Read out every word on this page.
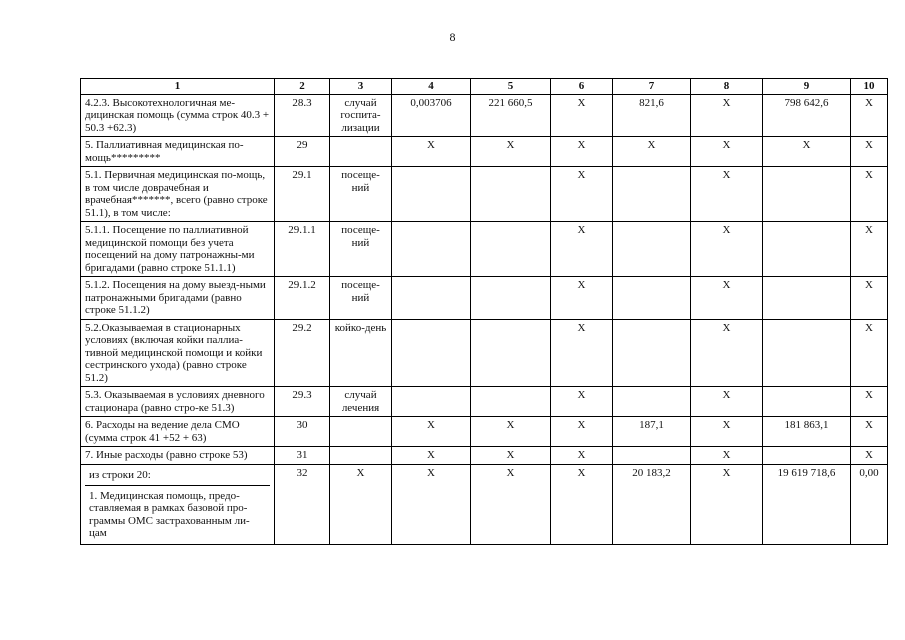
8
1	2	3	4	5	6	7	8	9	10
4.2.3. Высокотехнологичная ме-дицинская помощь (сумма строк 40.3 + 50.3 +62.3)	28.3	случай госпита-лизации	0,003706	221 660,5	X	821,6	X	798 642,6	X
5. Паллиативная медицинская по-мощь*********	29		X	X	X	X	X	X	X
5.1. Первичная медицинская по-мощь, в том числе доврачебная и врачебная*******, всего (равно строке 51.1), в том числе:	29.1	посеще-ний			X		X		X
5.1.1. Посещение по паллиативной медицинской помощи без учета посещений на дому патронажны-ми бригадами (равно строке 51.1.1)	29.1.1	посеще-ний			X		X		X
5.1.2. Посещения на дому выезд-ными патронажными бригадами (равно строке 51.1.2)	29.1.2	посеще-ний			X		X		X
5.2.Оказываемая в стационарных условиях (включая койки паллиа-тивной медицинской помощи и койки сестринского ухода) (равно строке 51.2)	29.2	койко-день			X		X		X
5.3. Оказываемая в условиях дневного стационара (равно стро-ке 51.3)	29.3	случай лечения			X		X		X
6. Расходы на ведение дела СМО (сумма строк 41 +52 + 63)	30		X	X	X	187,1	X	181 863,1	X
7. Иные расходы (равно строке 53)	31		X	X	X		X		X

из строки 20:
1. Медицинская помощь, предо-ставляемая в рамках базовой про-граммы ОМС застрахованным ли-цам	32	X	X	X	X	20 183,2	X	19 619 718,6	0,00
